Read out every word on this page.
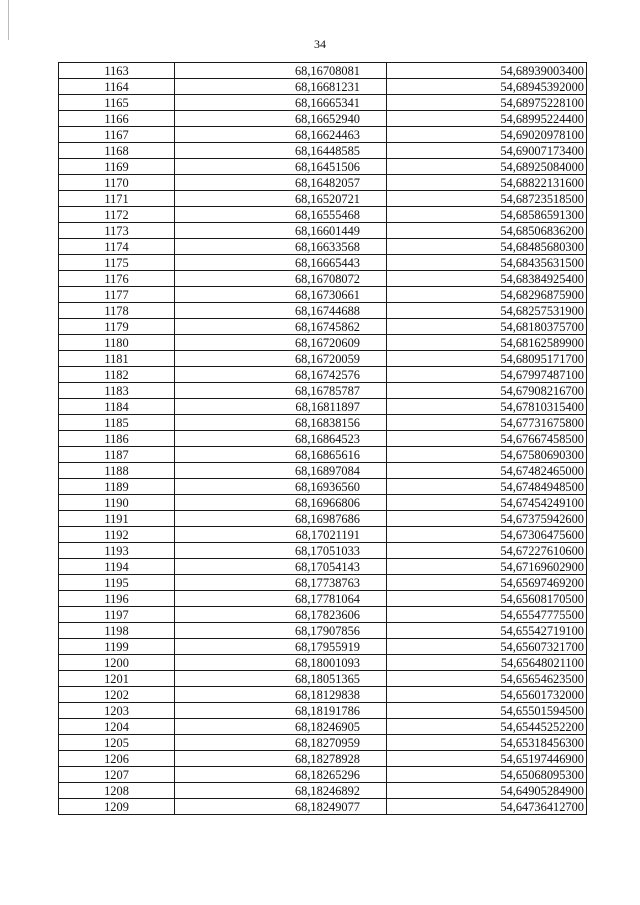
34
1163	68,16708081	54,68939003400
1164	68,16681231	54,68945392000
1165	68,16665341	54,68975228100
1166	68,16652940	54,68995224400
1167	68,16624463	54,69020978100
1168	68,16448585	54,69007173400
1169	68,16451506	54,68925084000
1170	68,16482057	54,68822131600
1171	68,16520721	54,68723518500
1172	68,16555468	54,68586591300
1173	68,16601449	54,68506836200
1174	68,16633568	54,68485680300
1175	68,16665443	54,68435631500
1176	68,16708072	54,68384925400
1177	68,16730661	54,68296875900
1178	68,16744688	54,68257531900
1179	68,16745862	54,68180375700
1180	68,16720609	54,68162589900
1181	68,16720059	54,68095171700
1182	68,16742576	54,67997487100
1183	68,16785787	54,67908216700
1184	68,16811897	54,67810315400
1185	68,16838156	54,67731675800
1186	68,16864523	54,67667458500
1187	68,16865616	54,67580690300
1188	68,16897084	54,67482465000
1189	68,16936560	54,67484948500
1190	68,16966806	54,67454249100
1191	68,16987686	54,67375942600
1192	68,17021191	54,67306475600
1193	68,17051033	54,67227610600
1194	68,17054143	54,67169602900
1195	68,17738763	54,65697469200
1196	68,17781064	54,65608170500
1197	68,17823606	54,65547775500
1198	68,17907856	54,65542719100
1199	68,17955919	54,65607321700
1200	68,18001093	54,65648021100
1201	68,18051365	54,65654623500
1202	68,18129838	54,65601732000
1203	68,18191786	54,65501594500
1204	68,18246905	54,65445252200
1205	68,18270959	54,65318456300
1206	68,18278928	54,65197446900
1207	68,18265296	54,65068095300
1208	68,18246892	54,64905284900
1209	68,18249077	54,64736412700
